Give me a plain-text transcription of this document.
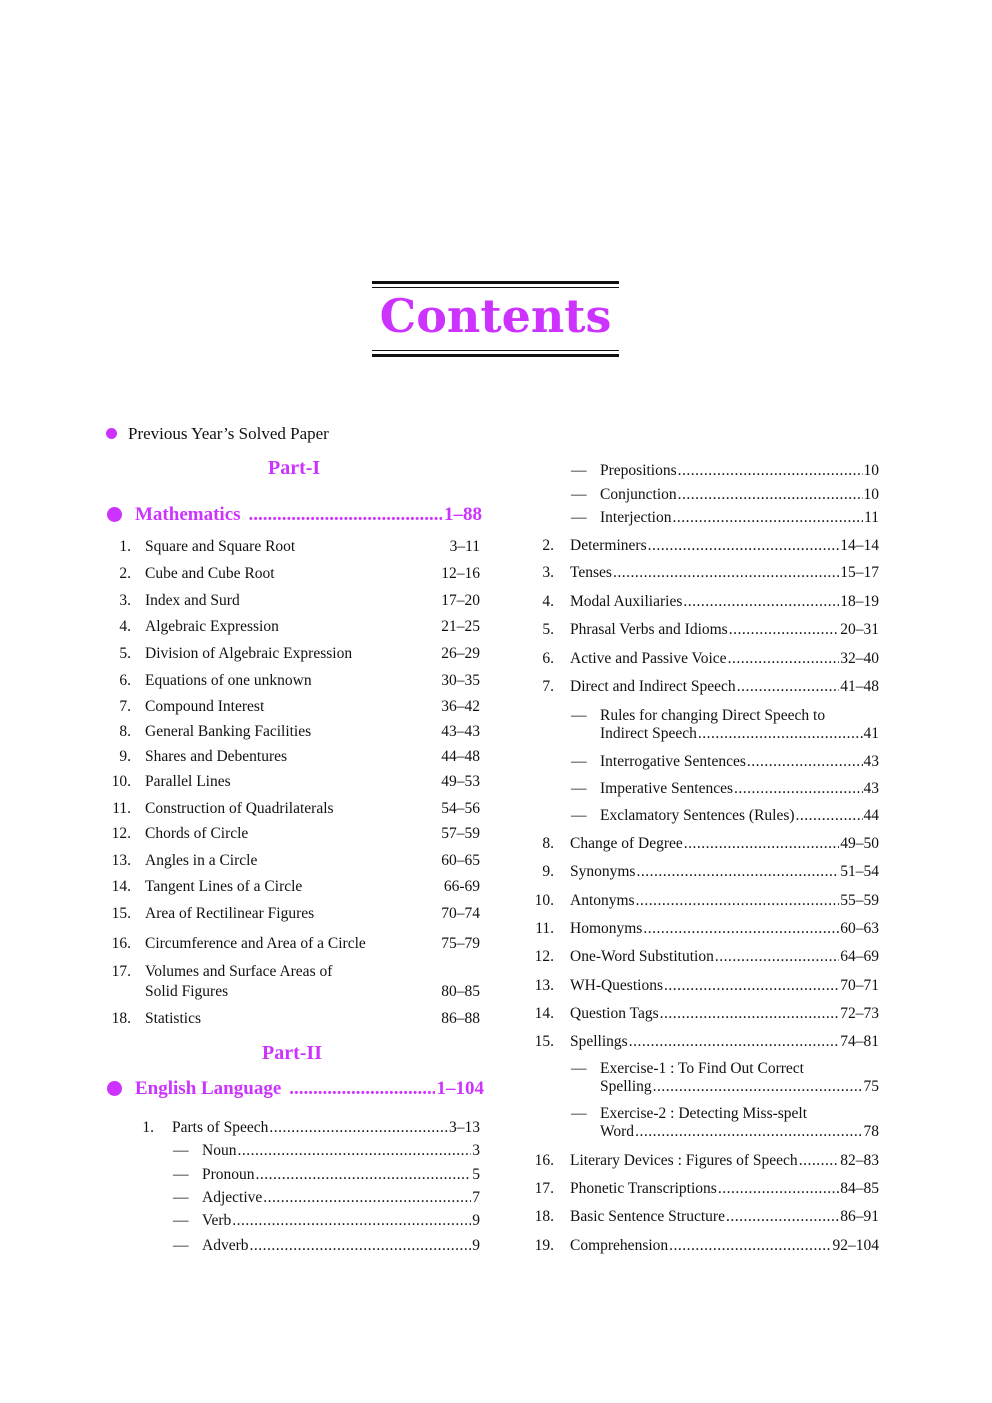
Contents
Previous Year’s Solved Paper
Part-I
Mathematics .....	1–88
1. Square and Square Root	3–11
2. Cube and Cube Root	12–16
3. Index and Surd	17–20
4. Algebraic Expression	21–25
5. Division of Algebraic Expression	26–29
6. Equations of one unknown	30–35
7. Compound Interest	36–42
8. General Banking Facilities	43–43
9. Shares and Debentures	44–48
10. Parallel Lines	49–53
11. Construction of Quadrilaterals	54–56
12. Chords of Circle	57–59
13. Angles in a Circle	60–65
14. Tangent Lines of a Circle	66-69
15. Area of Rectilinear Figures	70–74
16. Circumference and Area of a Circle	75–79
17. Volumes and Surface Areas of
Solid Figures	80–85
18. Statistics	86–88
Part-II
English Language .....	1–104
1. Parts of Speech .....	3–13
— Noun .....	3
— Pronoun .....	5
— Adjective .....	7
— Verb .....	9
— Adverb .....	9
— Prepositions .....	10
— Conjunction .....	10
— Interjection .....	11
2. Determiners .....	14–14
3. Tenses .....	15–17
4. Modal Auxiliaries .....	18–19
5. Phrasal Verbs and Idioms .....	20–31
6. Active and Passive Voice .....	32–40
7. Direct and Indirect Speech .....	41–48
— Rules for changing Direct Speech to
Indirect Speech .....	41
— Interrogative Sentences .....	43
— Imperative Sentences .....	43
— Exclamatory Sentences (Rules) .....	44
8. Change of Degree .....	49–50
9. Synonyms .....	51–54
10. Antonyms .....	55–59
11. Homonyms .....	60–63
12. One-Word Substitution .....	64–69
13. WH-Questions .....	70–71
14. Question Tags .....	72–73
15. Spellings .....	74–81
— Exercise-1 : To Find Out Correct
Spelling .....	75
— Exercise-2 : Detecting Miss-spelt
Word .....	78
16. Literary Devices : Figures of Speech .....	82–83
17. Phonetic Transcriptions .....	84–85
18. Basic Sentence Structure .....	86–91
19. Comprehension .....	92–104
